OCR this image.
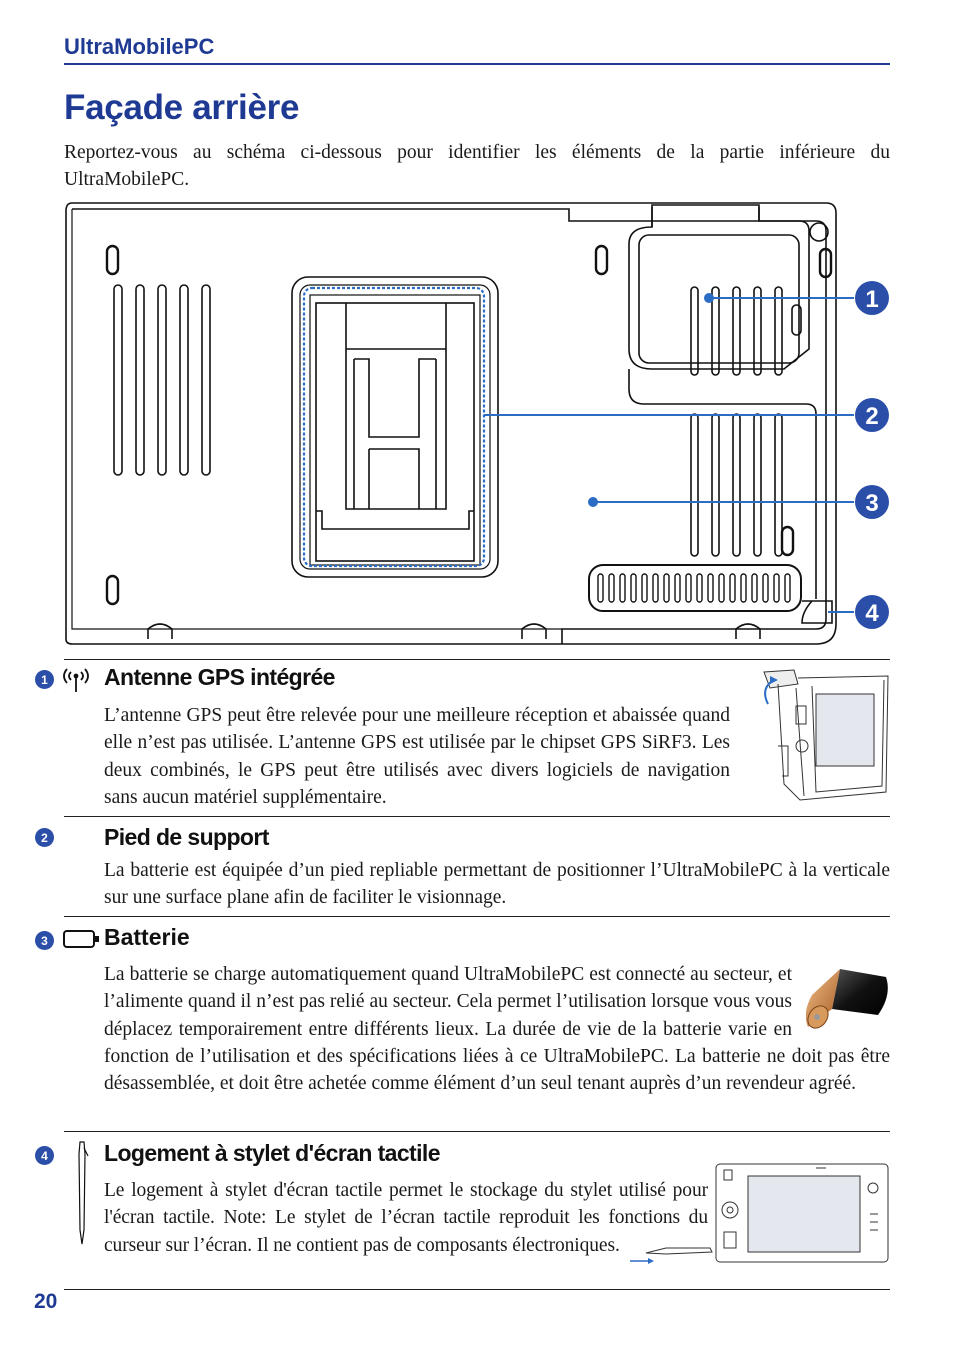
UltraMobilePC
Façade arrière
Reportez-vous au schéma ci-dessous pour identifier les éléments de la partie inférieure du UltraMobilePC.
1
2
3
4
1 Antenne GPS intégrée
L’antenne GPS peut être relevée pour une meilleure réception et abaissée quand elle n’est pas utilisée. L’antenne GPS est utilisée par le chipset GPS SiRF3. Les deux combinés, le GPS peut être utilisés avec divers logiciels de navigation sans aucun matériel supplémentaire.
2 Pied de support
La batterie est équipée d’un pied repliable permettant de positionner l’UltraMobilePC à la verticale sur une surface plane afin de faciliter le visionnage.
3 Batterie
La batterie se charge automatiquement quand UltraMobilePC est connecté au secteur, et l’alimente quand il n’est pas relié au secteur. Cela permet l’utilisation lorsque vous vous déplacez temporairement entre différents lieux. La durée de vie de la batterie varie en fonction de l’utilisation et des spécifications liées à ce UltraMobilePC. La batterie ne doit pas être désassemblée, et doit être achetée comme élément d’un seul tenant auprès d’un revendeur agréé.
4 Logement à stylet d'écran tactile
Le logement à stylet d'écran tactile permet le stockage du stylet utilisé pour l'écran tactile. Note: Le stylet de l’écran tactile reproduit les fonctions du curseur sur l’écran. Il ne contient pas de composants électroniques.
20
